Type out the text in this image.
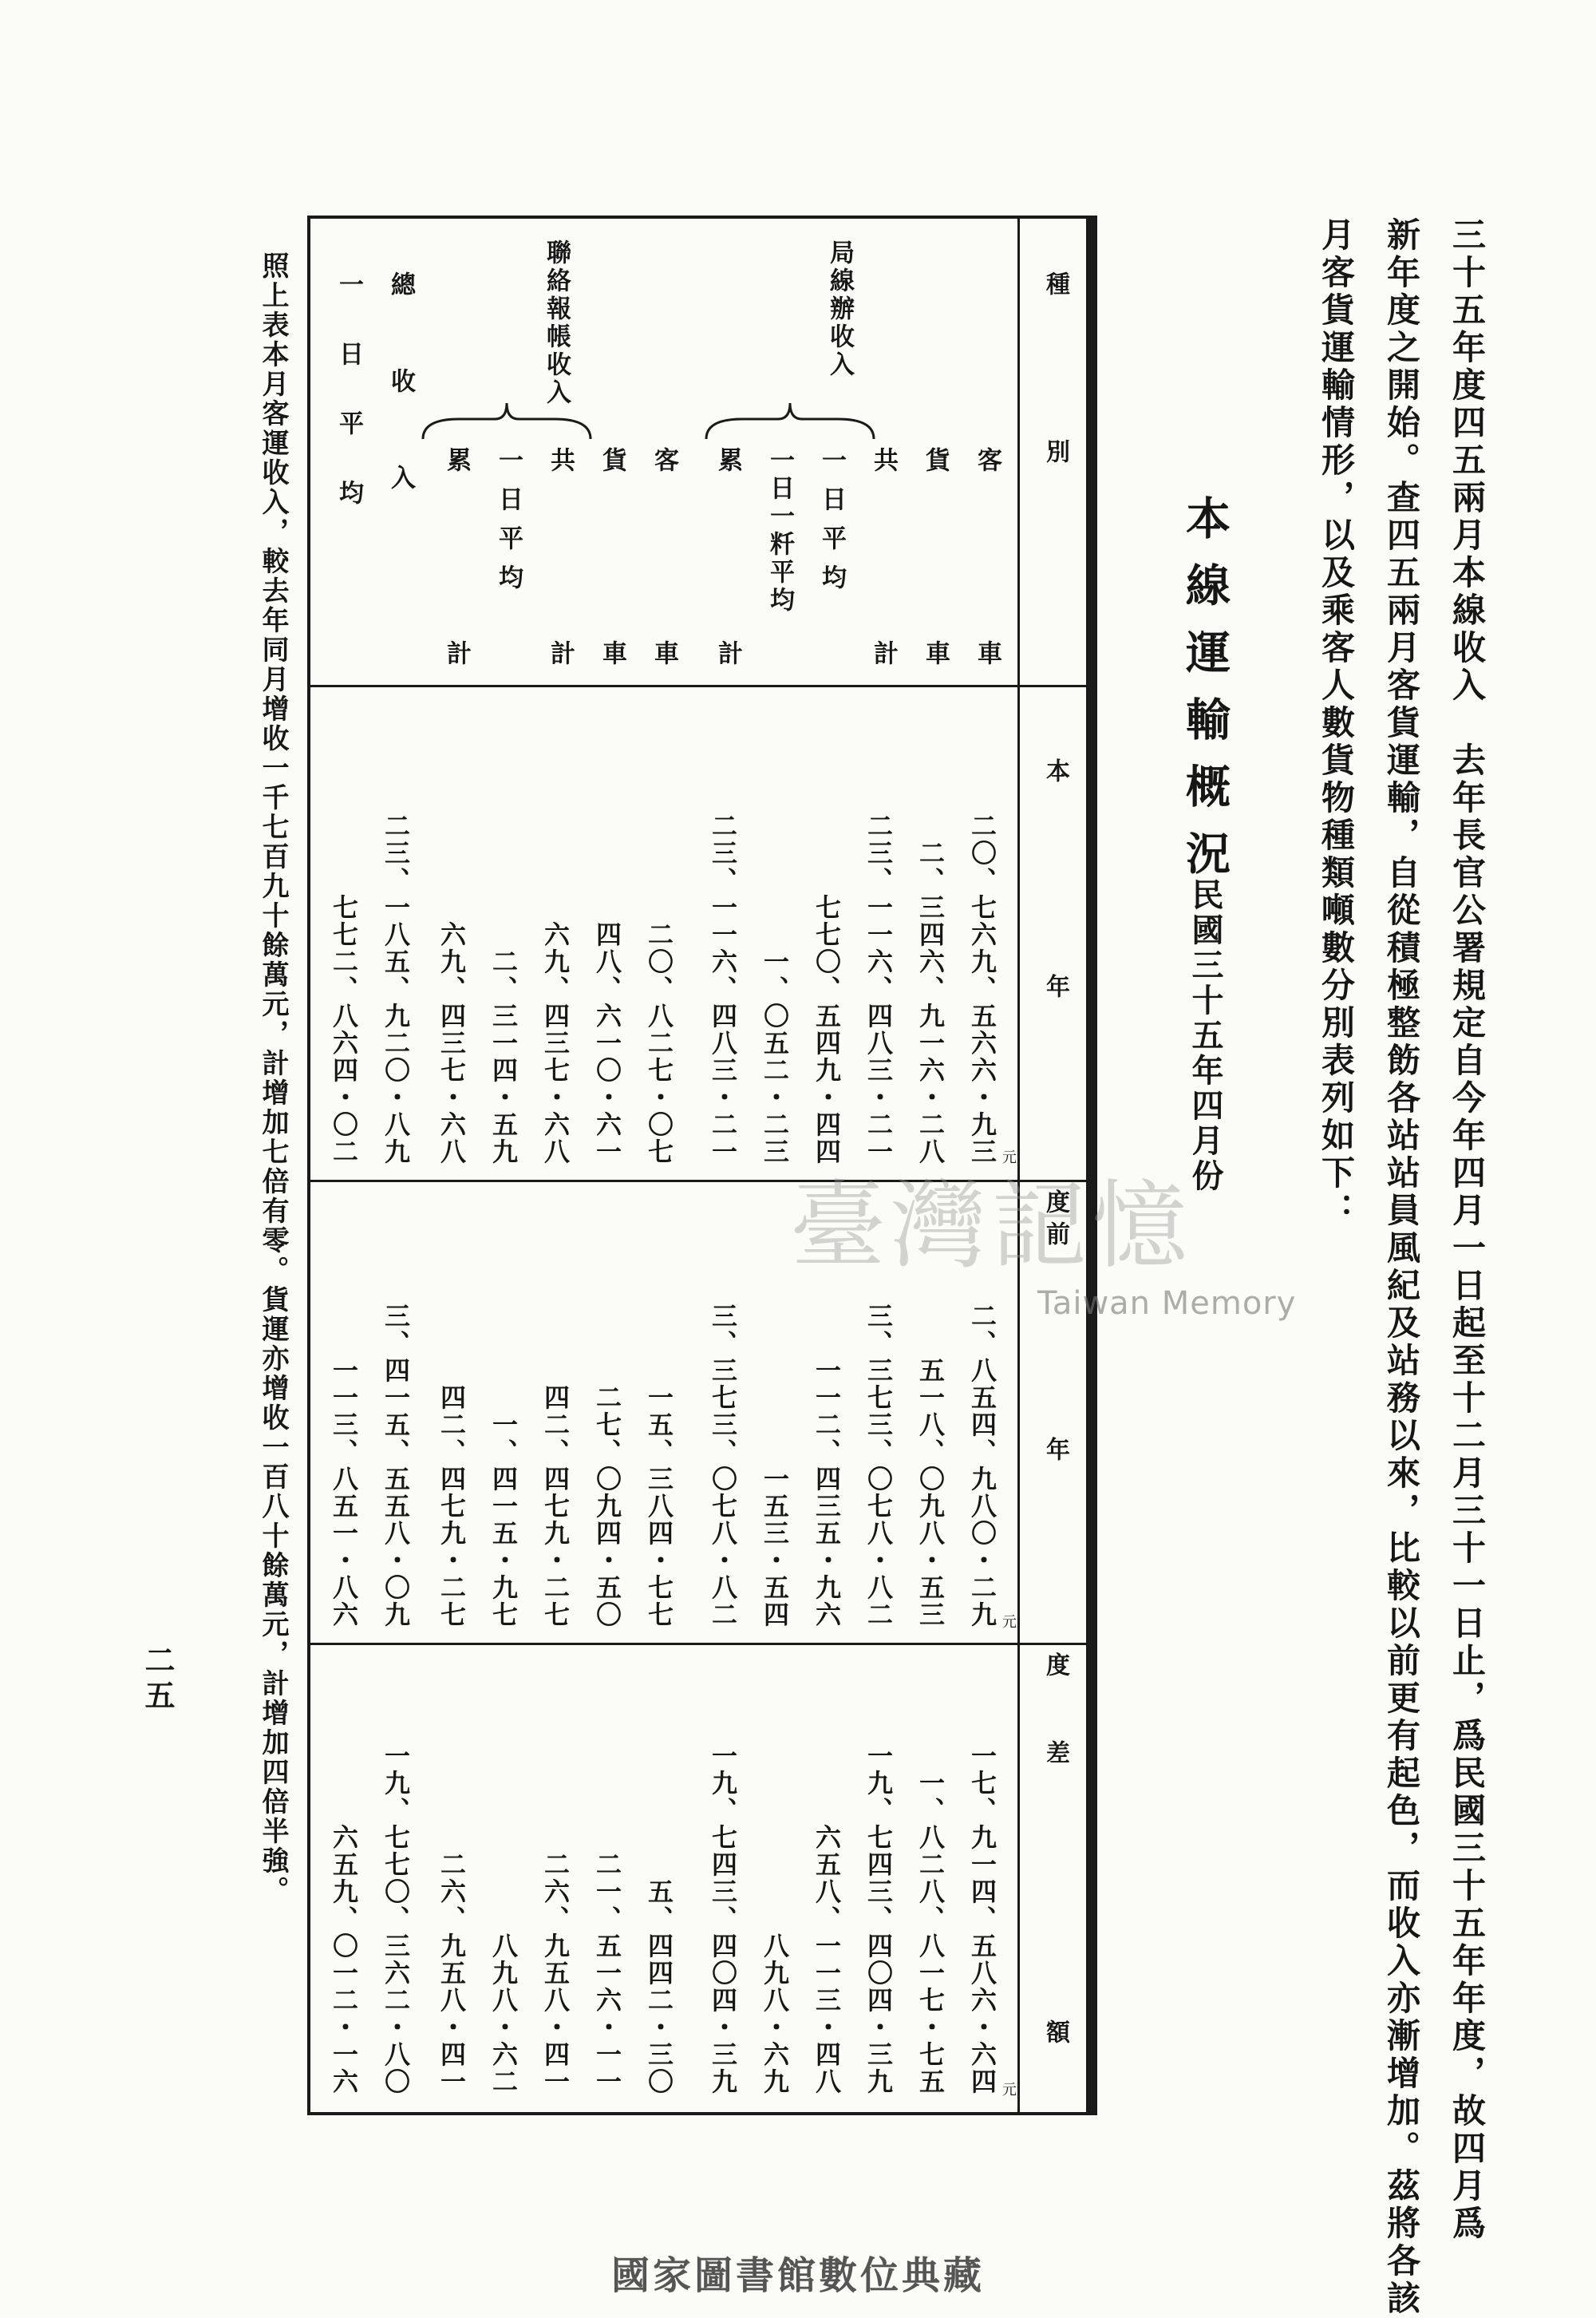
三十五年度四五兩月本線收入　去年長官公署規定自今年四月一日起至十二月三十一日止，爲民國三十五年年度，故四月爲
新年度之開始。查四五兩月客貨運輸，自從積極整飭各站站員風紀及站務以來，比較以前更有起色，而收入亦漸增加。茲將各該
月客貨運輸情形，以及乘客人數貨物種類噸數分別表列如下：
本線運輸概況
民國三十五年四月份
種　　別
本　　年　　度
前　　年　　度
差　　　　額
局線辦收入
聯絡報帳收入
客　車
貨　車
共　計
一日平均
一日一粁平均
累　計
客　車
貨　車
共　計
一日平均
累　計
總收入
一日平均
二〇、七六九、五六六・九三
二、三四六、九一六・二八
二三、一一六、四八三・二一
七七〇、五四九・四四
一、〇五二・二三
二三、一一六、四八三・二一
二〇、八二七・〇七
四八、六一〇・六一
六九、四三七・六八
二、三一四・五九
六九、四三七・六八
二三、一八五、九二〇・八九
七七二、八六四・〇二
二、八五四、九八〇・二九
五一八、〇九八・五三
三、三七三、〇七八・八二
一一二、四三五・九六
一五三・五四
三、三七三、〇七八・八二
一五、三八四・七七
二七、〇九四・五〇
四二、四七九・二七
一、四一五・九七
四二、四七九・二七
三、四一五、五五八・〇九
一一三、八五一・八六
一七、九一四、五八六・六四
一、八二八、八一七・七五
一九、七四三、四〇四・三九
六五八、一一三・四八
八九八・六九
一九、七四三、四〇四・三九
五、四四二・三〇
二一、五一六・一一
二六、九五八・四一
八九八・六二
二六、九五八・四一
一九、七七〇、三六二・八〇
六五九、〇一二・一六
元
元
元
照上表本月客運收入，較去年同月增收一千七百九十餘萬元，計增加七倍有零。貨運亦增收一百八十餘萬元，計增加四倍半強。
二五
臺灣記憶
Taiwan Memory
國家圖書館數位典藏
